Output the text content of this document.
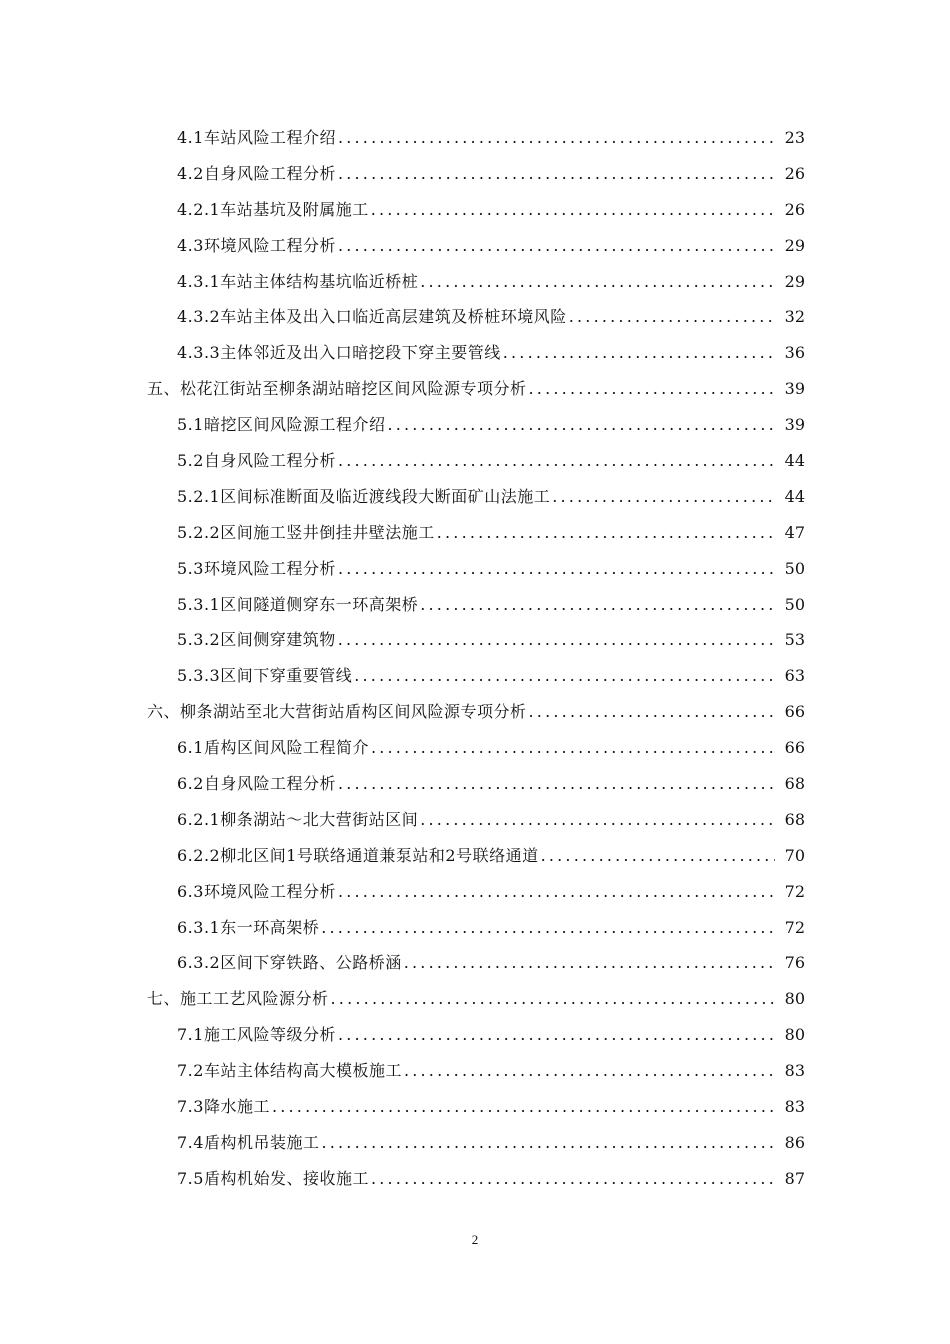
4.1车站风险工程介绍 .....	23
4.2自身风险工程分析 .....	26
4.2.1车站基坑及附属施工 .....	26
4.3环境风险工程分析 .....	29
4.3.1车站主体结构基坑临近桥桩 .....	29
4.3.2车站主体及出入口临近高层建筑及桥桩环境风险 .....	32
4.3.3主体邻近及出入口暗挖段下穿主要管线 .....	36
五、松花江街站至柳条湖站暗挖区间风险源专项分析 .....	39
5.1暗挖区间风险源工程介绍 .....	39
5.2自身风险工程分析 .....	44
5.2.1区间标准断面及临近渡线段大断面矿山法施工 .....	44
5.2.2区间施工竖井倒挂井壁法施工 .....	47
5.3环境风险工程分析 .....	50
5.3.1区间隧道侧穿东一环高架桥 .....	50
5.3.2区间侧穿建筑物 .....	53
5.3.3区间下穿重要管线 .....	63
六、柳条湖站至北大营街站盾构区间风险源专项分析 .....	66
6.1盾构区间风险工程简介 .....	66
6.2自身风险工程分析 .....	68
6.2.1柳条湖站～北大营街站区间 .....	68
6.2.2柳北区间1号联络通道兼泵站和2号联络通道 .....	70
6.3环境风险工程分析 .....	72
6.3.1东一环高架桥 .....	72
6.3.2区间下穿铁路、公路桥涵 .....	76
七、施工工艺风险源分析 .....	80
7.1施工风险等级分析 .....	80
7.2车站主体结构高大模板施工 .....	83
7.3降水施工 .....	83
7.4盾构机吊装施工 .....	86
7.5盾构机始发、接收施工 .....	87
2
